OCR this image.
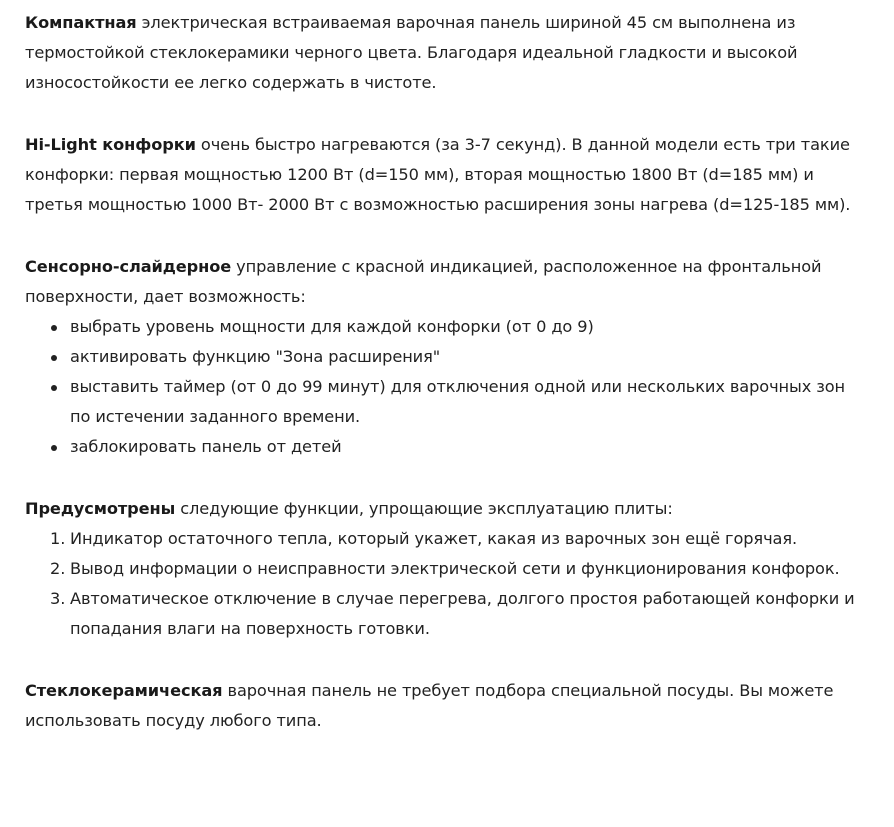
Компактная электрическая встраиваемая варочная панель шириной 45 см выполнена из термостойкой стеклокерамики черного цвета. Благодаря идеальной гладкости и высокой износостойкости ее легко содержать в чистоте.

Hi-Light конфорки очень быстро нагреваются (за 3-7 секунд). В данной модели есть три такие конфорки: первая мощностью 1200 Вт (d=150 мм), вторая мощностью 1800 Вт (d=185 мм) и третья мощностью 1000 Вт- 2000 Вт с возможностью расширения зоны нагрева (d=125-185 мм).

Сенсорно-слайдерное управление с красной индикацией, расположенное на фронтальной поверхности, дает возможность:

выбрать уровень мощности для каждой конфорки (от 0 до 9)
активировать функцию "Зона расширения"
выставить таймер (от 0 до 99 минут) для отключения одной или нескольких варочных зон по истечении заданного времени.
заблокировать панель от детей

Предусмотрены следующие функции, упрощающие эксплуатацию плиты:

1. Индикатор остаточного тепла, который укажет, какая из варочных зон ещё горячая.
2. Вывод информации о неисправности электрической сети и функционирования конфорок.
3. Автоматическое отключение в случае перегрева, долгого простоя работающей конфорки и попадания влаги на поверхность готовки.

Стеклокерамическая варочная панель не требует подбора специальной посуды. Вы можете использовать посуду любого типа.
